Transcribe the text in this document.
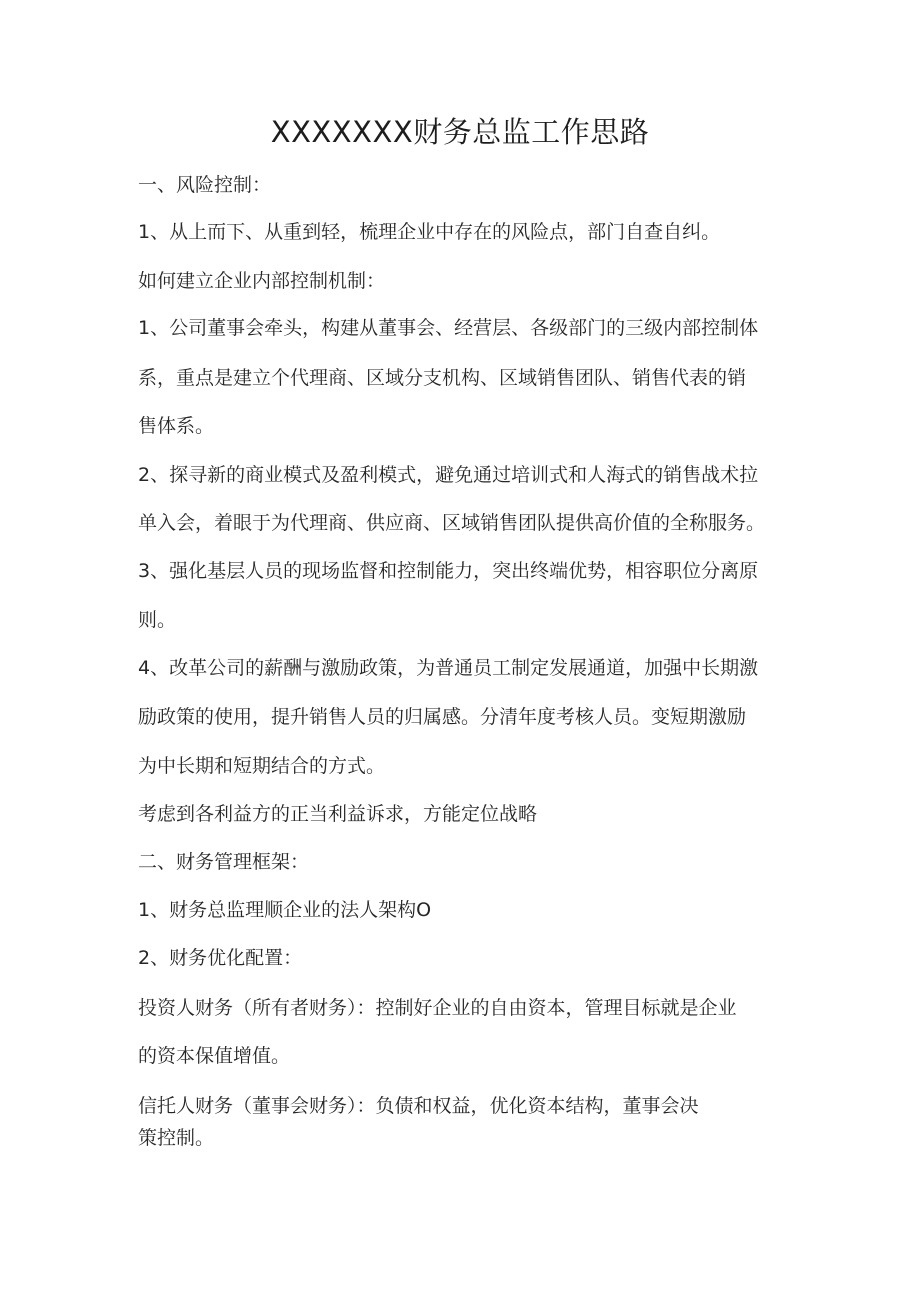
XXXXXXX财务总监工作思路
一、风险控制：
1、从上而下、从重到轻，梳理企业中存在的风险点，部门自查自纠。
如何建立企业内部控制机制：
1、公司董事会牵头，构建从董事会、经营层、各级部门的三级内部控制体
系，重点是建立个代理商、区域分支机构、区域销售团队、销售代表的销
售体系。
2、探寻新的商业模式及盈利模式，避免通过培训式和人海式的销售战术拉
单入会，着眼于为代理商、供应商、区域销售团队提供高价值的全称服务。
3、强化基层人员的现场监督和控制能力，突出终端优势，相容职位分离原
则。
4、改革公司的薪酬与激励政策，为普通员工制定发展通道，加强中长期激
励政策的使用，提升销售人员的归属感。分清年度考核人员。变短期激励
为中长期和短期结合的方式。
考虑到各利益方的正当利益诉求，方能定位战略
二、财务管理框架：
1、财务总监理顺企业的法人架构O
2、财务优化配置：
投资人财务（所有者财务）：控制好企业的自由资本，管理目标就是企业
的资本保值增值。
信托人财务（董事会财务）：负债和权益，优化资本结构，董事会决
策控制。
